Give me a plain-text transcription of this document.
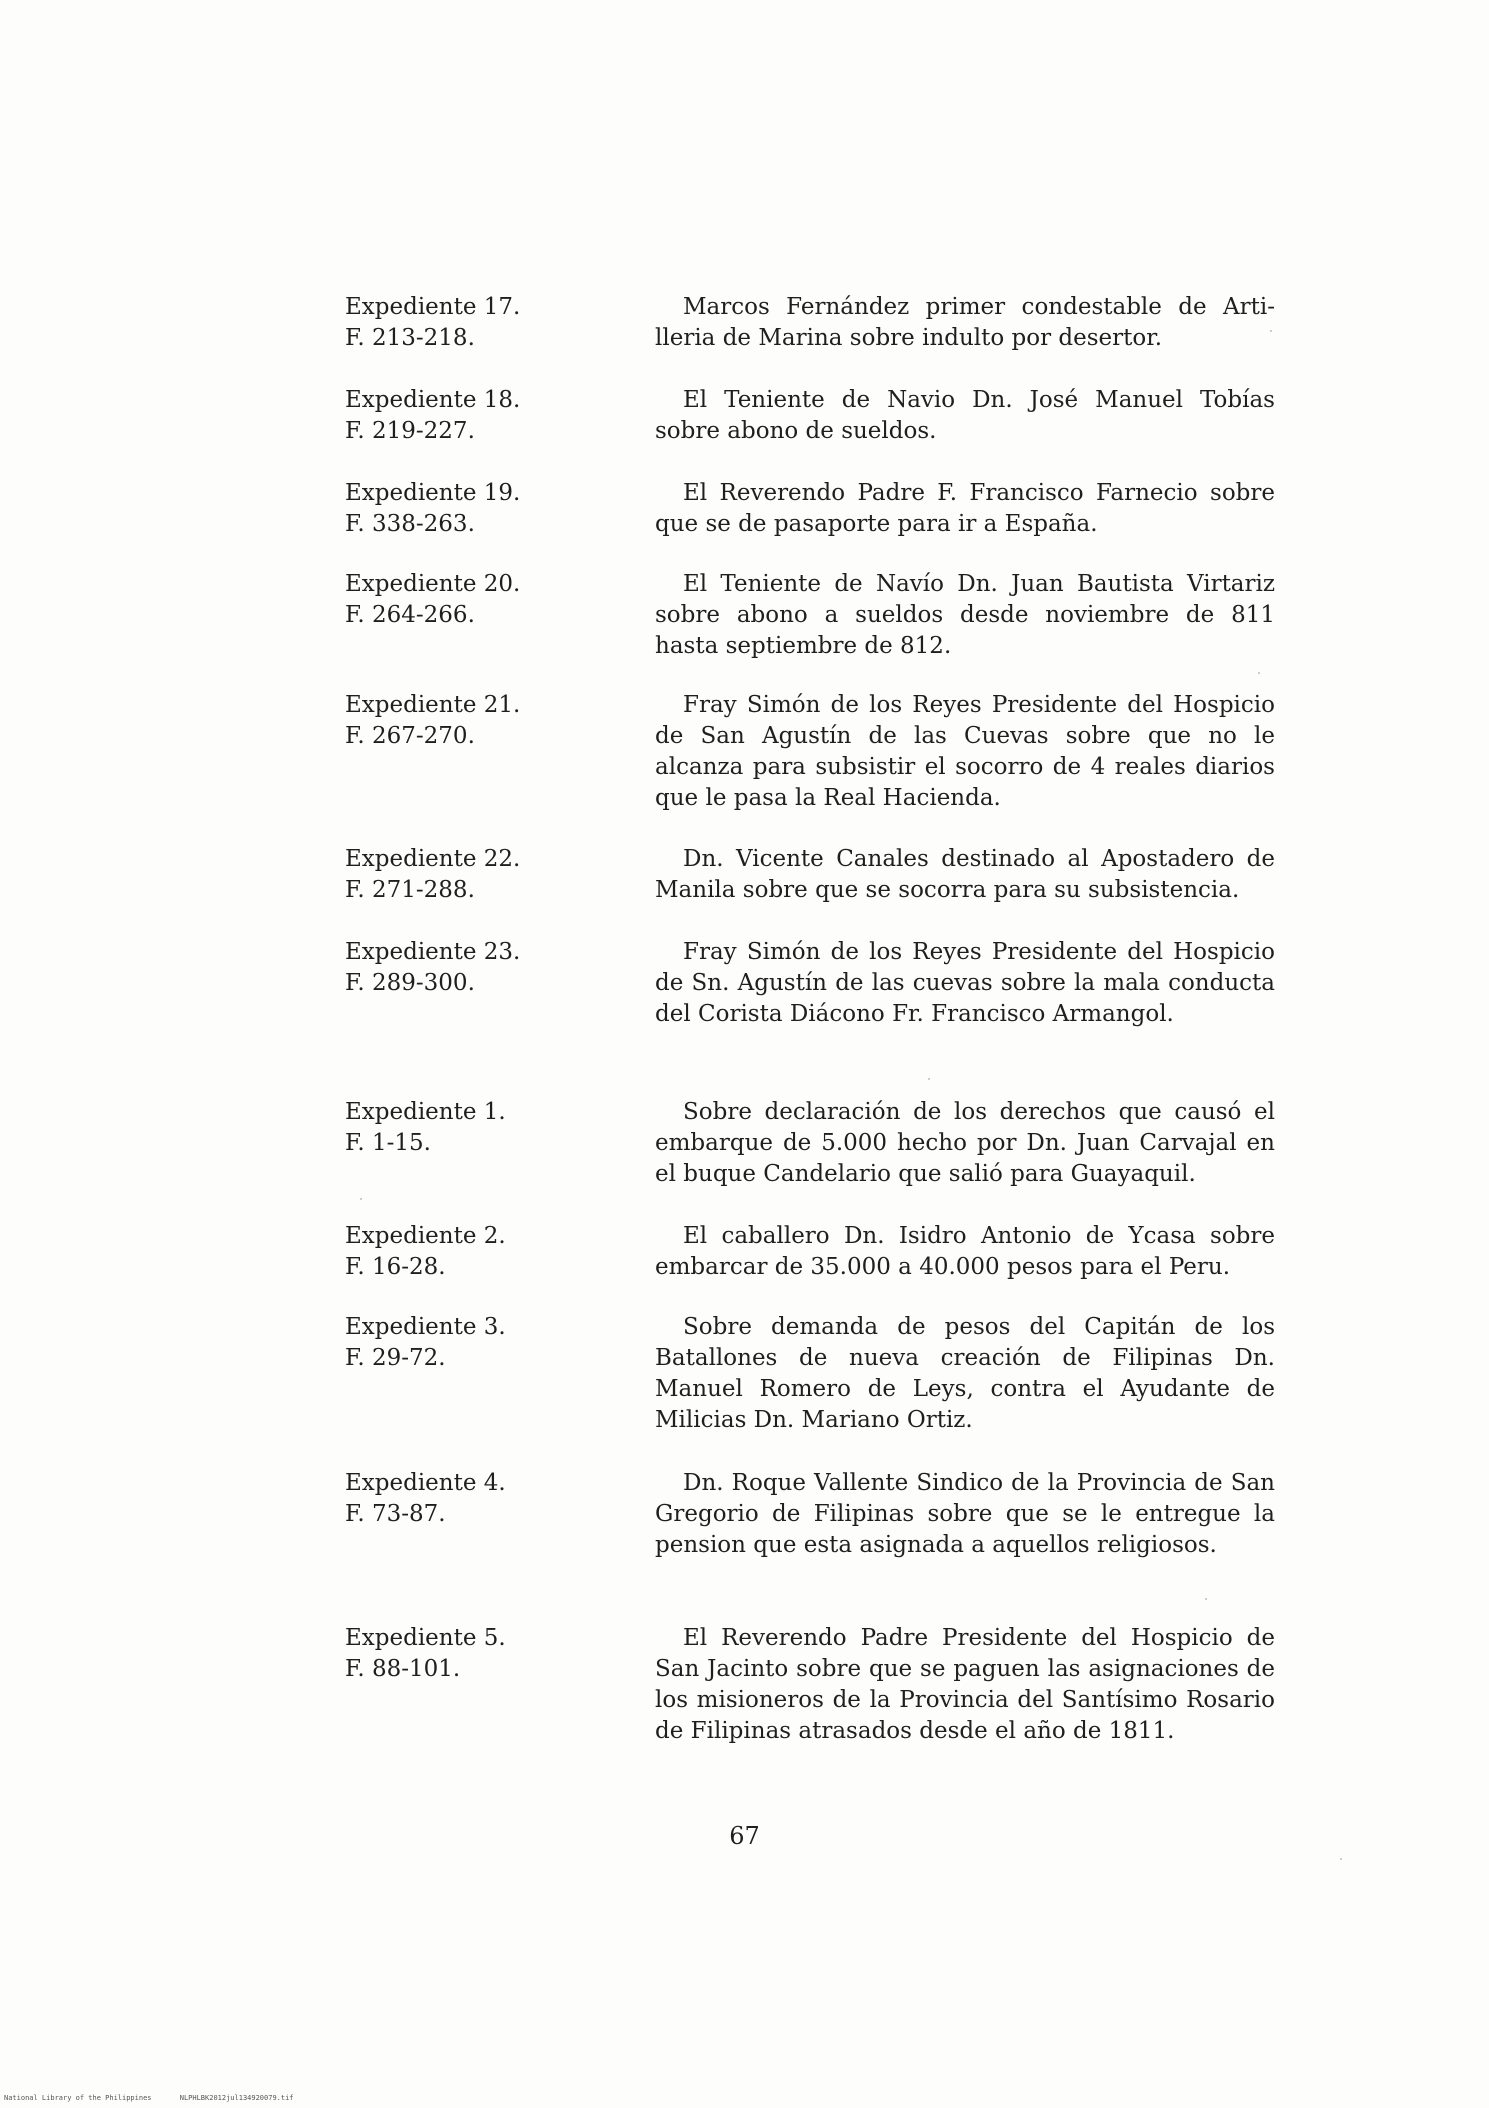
Expediente 17.
F. 213-218.
Marcos Fernández primer condestable de Artilleria de Marina sobre indulto por desertor.
Expediente 18.
F. 219-227.
El Teniente de Navio Dn. José Manuel Tobías sobre abono de sueldos.
Expediente 19.
F. 338-263.
El Reverendo Padre F. Francisco Farnecio sobre que se de pasaporte para ir a España.
Expediente 20.
F. 264-266.
El Teniente de Navío Dn. Juan Bautista Virtariz sobre abono a sueldos desde noviembre de 811 hasta septiembre de 812.
Expediente 21.
F. 267-270.
Fray Simón de los Reyes Presidente del Hospicio de San Agustín de las Cuevas sobre que no le alcanza para subsistir el socorro de 4 reales diarios que le pasa la Real Hacienda.
Expediente 22.
F. 271-288.
Dn. Vicente Canales destinado al Apostadero de Manila sobre que se socorra para su subsistencia.
Expediente 23.
F. 289-300.
Fray Simón de los Reyes Presidente del Hospicio de Sn. Agustín de las cuevas sobre la mala conducta del Corista Diácono Fr. Francisco Armangol.
Expediente 1.
F. 1-15.
Sobre declaración de los derechos que causó el embarque de 5.000 hecho por Dn. Juan Carvajal en el buque Candelario que salió para Guayaquil.
Expediente 2.
F. 16-28.
El caballero Dn. Isidro Antonio de Ycasa sobre embarcar de 35.000 a 40.000 pesos para el Peru.
Expediente 3.
F. 29-72.
Sobre demanda de pesos del Capitán de los Batallones de nueva creación de Filipinas Dn. Manuel Romero de Leys, contra el Ayudante de Milicias Dn. Mariano Ortiz.
Expediente 4.
F. 73-87.
Dn. Roque Vallente Sindico de la Provincia de San Gregorio de Filipinas sobre que se le entregue la pension que esta asignada a aquellos religiosos.
Expediente 5.
F. 88-101.
El Reverendo Padre Presidente del Hospicio de San Jacinto sobre que se paguen las asignaciones de los misioneros de la Provincia del Santísimo Rosario de Filipinas atrasados desde el año de 1811.
67
National Library of the Philippines	NLPHLBK2012jul134920079.tif
